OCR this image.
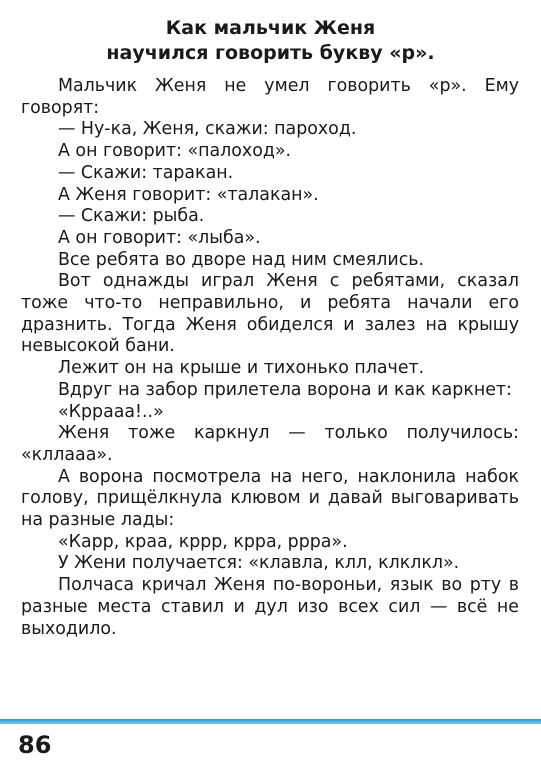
Как мальчик Женя
научился говорить букву «р».

Мальчик Женя не умел говорить «р». Ему говорят:

— Ну-ка, Женя, скажи: пароход.

А он говорит: «палоход».

— Скажи: таракан.

А Женя говорит: «талакан».

— Скажи: рыба.

А он говорит: «лыба».

Все ребята во дворе над ним смеялись.

Вот однажды играл Женя с ребятами, сказал тоже что-то неправильно, и ребята начали его дразнить. Тогда Женя обиделся и залез на крышу невысокой бани.

Лежит он на крыше и тихонько плачет.

Вдруг на забор прилетела ворона и как каркнет:

«Крраaa!..»

Женя тоже каркнул — только получилось: «кллааа».

А ворона посмотрела на него, наклонила набок голову, прищёлкнула клювом и давай выговаривать на разные лады:

«Карр, краа, кррр, крра, ррра».

У Жени получается: «клавла, клл, клклкл».

Полчаса кричал Женя по-вороньи, язык во рту в разные места ставил и дул изо всех сил — всё не выходило.

86
